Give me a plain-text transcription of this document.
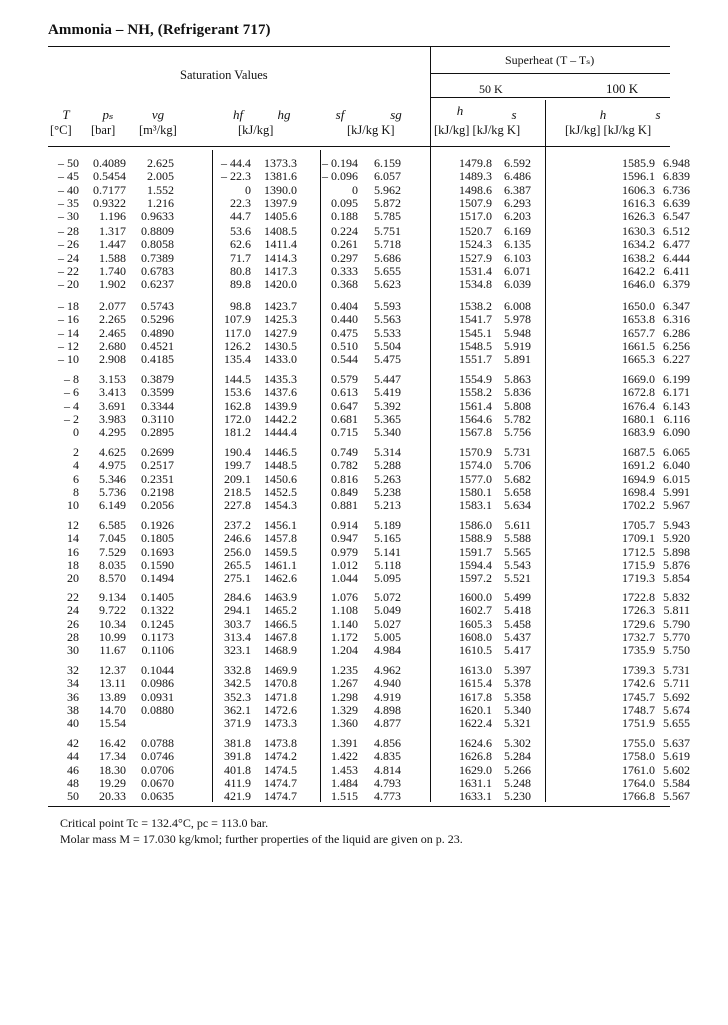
Ammonia – NH, (Refrigerant 717)
Superheat (T – Tₛ)
Saturation Values
50 K	100 K
T	pₛ	vg	hf	hg	sf	sg	h	s	h	s
[°C] [bar] [m³/kg]	[kJ/kg]	[kJ/kg K]	[kJ/kg] [kJ/kg K]	[kJ/kg] [kJ/kg K]
– 50 0.4089 2.625	– 44.4 1373.3 – 0.194 6.159	1479.8 6.592	1585.9 6.948
– 45 0.5454 2.005	– 22.3 1381.6 – 0.096 6.057	1489.3 6.486	1596.1 6.839
– 40 0.7177 1.552	0 1390.0	0 5.962	1498.6 6.387	1606.3 6.736
– 35 0.9322 1.216	22.3 1397.9	0.095 5.872	1507.9 6.293	1616.3 6.639
– 30 1.196 0.9633	44.7 1405.6	0.188 5.785	1517.0 6.203	1626.3 6.547
– 28 1.317 0.8809	53.6 1408.5	0.224 5.751	1520.7 6.169	1630.3 6.512
– 26 1.447 0.8058	62.6 1411.4	0.261 5.718	1524.3 6.135	1634.2 6.477
– 24 1.588 0.7389	71.7 1414.3	0.297 5.686	1527.9 6.103	1638.2 6.444
– 22 1.740 0.6783	80.8 1417.3	0.333 5.655	1531.4 6.071	1642.2 6.411
– 20 1.902 0.6237	89.8 1420.0	0.368 5.623	1534.8 6.039	1646.0 6.379
– 18 2.077 0.5743	98.8 1423.7	0.404 5.593	1538.2 6.008	1650.0 6.347
– 16 2.265 0.5296	107.9 1425.3	0.440 5.563	1541.7 5.978	1653.8 6.316
– 14 2.465 0.4890	117.0 1427.9	0.475 5.533	1545.1 5.948	1657.7 6.286
– 12 2.680 0.4521	126.2 1430.5	0.510 5.504	1548.5 5.919	1661.5 6.256
– 10 2.908 0.4185	135.4 1433.0	0.544 5.475	1551.7 5.891	1665.3 6.227
– 8 3.153 0.3879	144.5 1435.3	0.579 5.447	1554.9 5.863	1669.0 6.199
– 6 3.413 0.3599	153.6 1437.6	0.613 5.419	1558.2 5.836	1672.8 6.171
– 4 3.691 0.3344	162.8 1439.9	0.647 5.392	1561.4 5.808	1676.4 6.143
– 2 3.983 0.3110	172.0 1442.2	0.681 5.365	1564.6 5.782	1680.1 6.116
0 4.295 0.2895	181.2 1444.4	0.715 5.340	1567.8 5.756	1683.9 6.090
2 4.625 0.2699	190.4 1446.5	0.749 5.314	1570.9 5.731	1687.5 6.065
4 4.975 0.2517	199.7 1448.5	0.782 5.288	1574.0 5.706	1691.2 6.040
6 5.346 0.2351	209.1 1450.6	0.816 5.263	1577.0 5.682	1694.9 6.015
8 5.736 0.2198	218.5 1452.5	0.849 5.238	1580.1 5.658	1698.4 5.991
10 6.149 0.2056	227.8 1454.3	0.881 5.213	1583.1 5.634	1702.2 5.967
12 6.585 0.1926	237.2 1456.1	0.914 5.189	1586.0 5.611	1705.7 5.943
14 7.045 0.1805	246.6 1457.8	0.947 5.165	1588.9 5.588	1709.1 5.920
16 7.529 0.1693	256.0 1459.5	0.979 5.141	1591.7 5.565	1712.5 5.898
18 8.035 0.1590	265.5 1461.1	1.012 5.118	1594.4 5.543	1715.9 5.876
20 8.570 0.1494	275.1 1462.6	1.044 5.095	1597.2 5.521	1719.3 5.854
22 9.134 0.1405	284.6 1463.9	1.076 5.072	1600.0 5.499	1722.8 5.832
24 9.722 0.1322	294.1 1465.2	1.108 5.049	1602.7 5.418	1726.3 5.811
26 10.34 0.1245	303.7 1466.5	1.140 5.027	1605.3 5.458	1729.6 5.790
28 10.99 0.1173	313.4 1467.8	1.172 5.005	1608.0 5.437	1732.7 5.770
30 11.67 0.1106	323.1 1468.9	1.204 4.984	1610.5 5.417	1735.9 5.750
32 12.37 0.1044	332.8 1469.9	1.235 4.962	1613.0 5.397	1739.3 5.731
34 13.11 0.0986	342.5 1470.8	1.267 4.940	1615.4 5.378	1742.6 5.711
36 13.89 0.0931	352.3 1471.8	1.298 4.919	1617.8 5.358	1745.7 5.692
38 14.70 0.0880	362.1 1472.6	1.329 4.898	1620.1 5.340	1748.7 5.674
40 15.54	371.9 1473.3	1.360 4.877	1622.4 5.321	1751.9 5.655
42 16.42 0.0788	381.8 1473.8	1.391 4.856	1624.6 5.302	1755.0 5.637
44 17.34 0.0746	391.8 1474.2	1.422 4.835	1626.8 5.284	1758.0 5.619
46 18.30 0.0706	401.8 1474.5	1.453 4.814	1629.0 5.266	1761.0 5.602
48 19.29 0.0670	411.9 1474.7	1.484 4.793	1631.1 5.248	1764.0 5.584
50 20.33 0.0635	421.9 1474.7	1.515 4.773	1633.1 5.230	1766.8 5.567
Critical point Tc = 132.4°C, pc = 113.0 bar.
Molar mass M = 17.030 kg/kmol; further properties of the liquid are given on p. 23.
